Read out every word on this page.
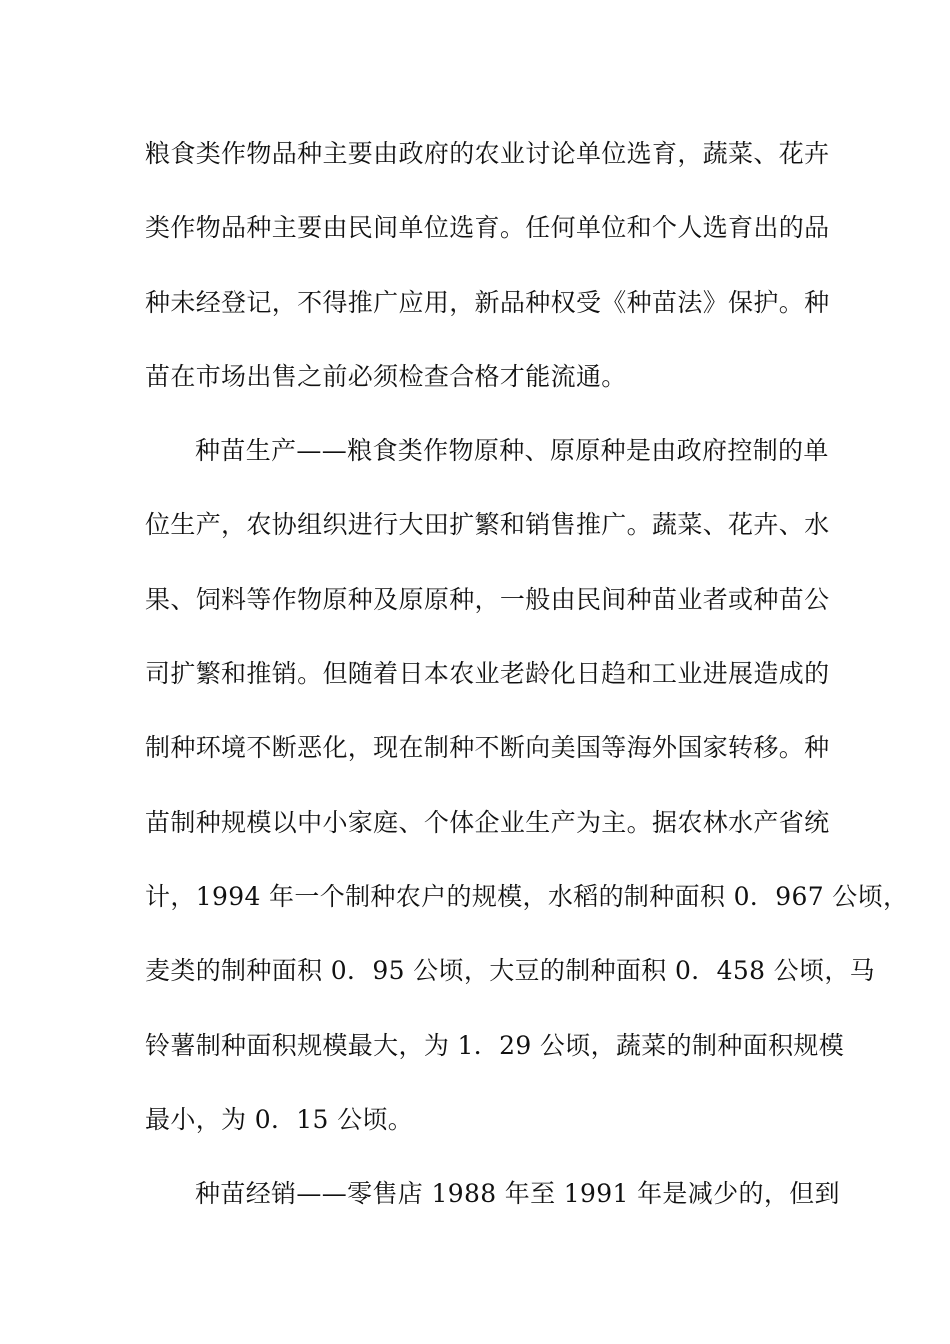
粮食类作物品种主要由政府的农业讨论单位选育，蔬菜、花卉
类作物品种主要由民间单位选育。任何单位和个人选育出的品
种未经登记，不得推广应用，新品种权受《种苗法》保护。种
苗在市场出售之前必须检查合格才能流通。
种苗生产——粮食类作物原种、原原种是由政府控制的单
位生产，农协组织进行大田扩繁和销售推广。蔬菜、花卉、水
果、饲料等作物原种及原原种，一般由民间种苗业者或种苗公
司扩繁和推销。但随着日本农业老龄化日趋和工业进展造成的
制种环境不断恶化，现在制种不断向美国等海外国家转移。种
苗制种规模以中小家庭、个体企业生产为主。据农林水产省统
计，1994 年一个制种农户的规模，水稻的制种面积 0．967 公顷，
麦类的制种面积 0．95 公顷，大豆的制种面积 0．458 公顷，马
铃薯制种面积规模最大，为 1．29 公顷，蔬菜的制种面积规模
最小，为 0．15 公顷。
种苗经销——零售店 1988 年至 1991 年是减少的，但到
